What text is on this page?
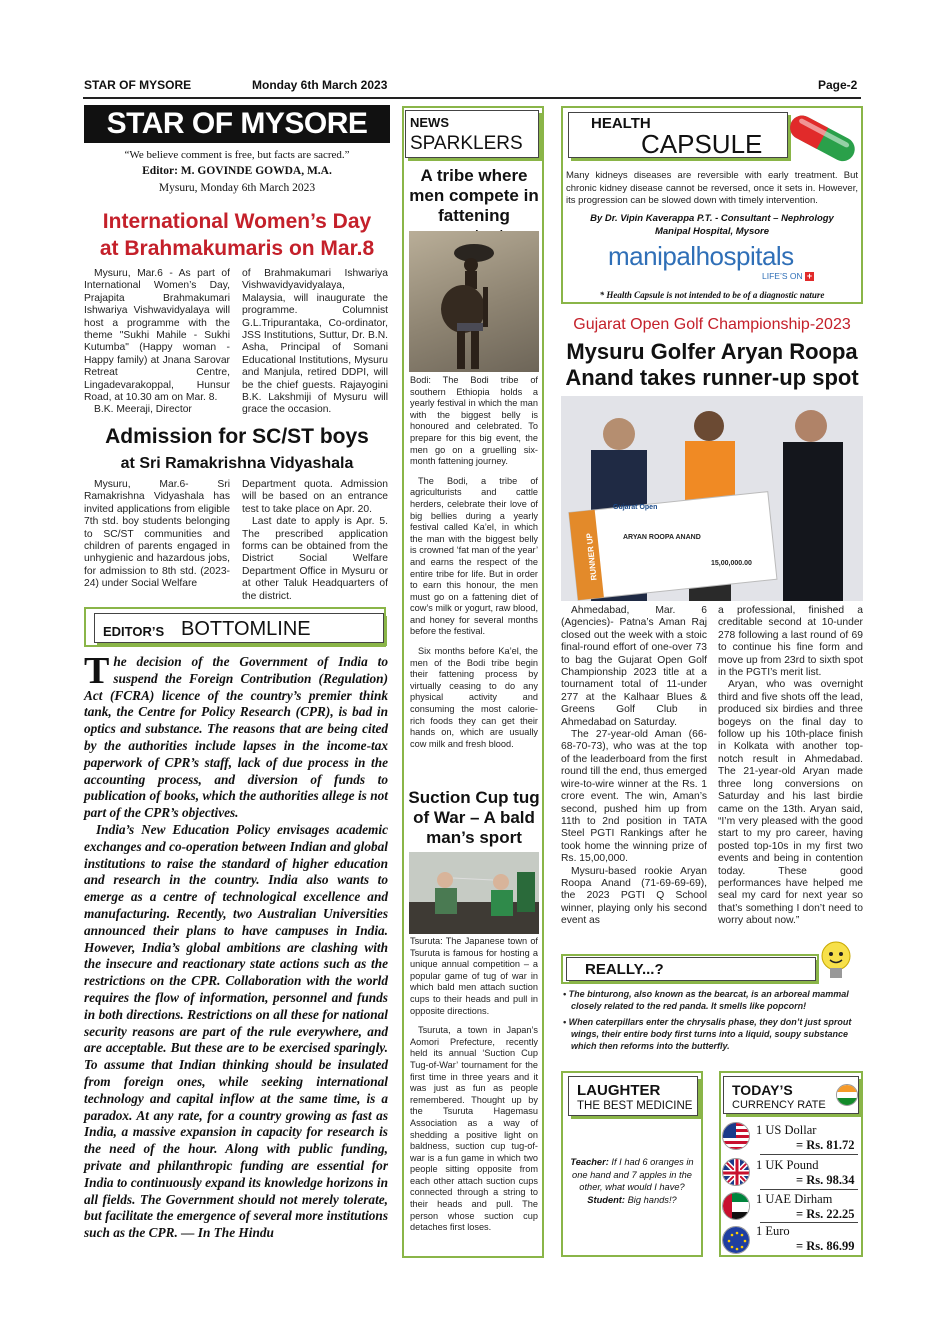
STAR OF MYSORE	Monday 6th March 2023	Page-2
STAR OF MYSORE
“We believe comment is free, but facts are sacred.”
Editor: M. GOVINDE GOWDA, M.A.
Mysuru, Monday 6th March 2023
International Women’s Day
at Brahmakumaris on Mar.8

Mysuru, Mar.6 - As part of International Women’s Day, Prajapita Brahmakumari Ishwariya Vishwavidyalaya will host a programme with the theme "Sukhi Mahile - Sukhi Kutumba" (Happy woman - Happy family) at Jnana Sarovar Retreat Centre, Lingadevarakoppal, Hunsur Road, at 10.30 am on Mar. 8.

B.K. Meeraji, Director

of Brahmakumari Ishwariya Vishwavidyavidyalaya, Malaysia, will inaugurate the programme. Columnist G.L.Tripurantaka, Co-ordinator, JSS Institutions, Suttur, Dr. B.N. Asha, Principal of Somani Educational Institutions, Mysuru and Manjula, retired DDPI, will be the chief guests. Rajayogini B.K. Lakshmiji of Mysuru will grace the occasion.

Admission for SC/ST boys
at Sri Ramakrishna Vidyashala

Mysuru, Mar.6- Sri Ramakrishna Vidyashala has invited applications from eligible 7th std. boy students belonging to SC/ST communities and children of parents engaged in unhygienic and hazardous jobs, for admission to 8th std. (2023-24) under Social Welfare

Department quota. Admission will be based on an entrance test to take place on Apr. 20.

Last date to apply is Apr. 5. The prescribed application forms can be obtained from the District Social Welfare Department Office in Mysuru or at other Taluk Headquarters of the district.

EDITOR’S BOTTOMLINE

The decision of the Government of India to suspend the Foreign Contribution (Regulation) Act (FCRA) licence of the country’s premier think tank, the Centre for Policy Research (CPR), is bad in optics and substance. The reasons that are being cited by the authorities include lapses in the income-tax paperwork of CPR’s staff, lack of due process in the accounting process, and diversion of funds to publication of books, which the authorities allege is not part of the CPR’s objectives.

India’s New Education Policy envisages academic exchanges and co-operation between Indian and global institutions to raise the standard of higher education and research in the country. India also wants to emerge as a centre of technological excellence and manufacturing. Recently, two Australian Universities announced their plans to have campuses in India. However, India’s global ambitions are clashing with the insecure and reactionary state actions such as the restrictions on the CPR. Collaboration with the world requires the flow of information, personnel and funds in both directions. Restrictions on all these for national security reasons are part of the rule everywhere, and are acceptable. But these are to be exercised sparingly. To assume that Indian thinking should be insulated from foreign ones, while seeking international technology and capital inflow at the same time, is a paradox. At any rate, for a country growing as fast as India, a massive expansion in capacity for research is the need of the hour. Along with public funding, private and philanthropic funding are essential for India to continuously expand its knowledge horizons in all fields. The Government should not merely tolerate, but facilitate the emergence of several more institutions such as the CPR. — In The Hindu

NEWS
SPARKLERS
A tribe where men compete in fattening

Bodi: The Bodi tribe of southern Ethiopia holds a yearly festival in which the man with the biggest belly is honoured and celebrated. To prepare for this big event, the men go on a gruelling six-month fattening journey.

The Bodi, a tribe of agriculturists and cattle herders, celebrate their love of big bellies during a yearly festival called Ka’el, in which the man with the biggest belly is crowned ‘fat man of the year’ and earns the respect of the entire tribe for life. But in order to earn this honour, the men must go on a fattening diet of cow’s milk or yogurt, raw blood, and honey for several months before the festival.

Six months before Ka’el, the men of the Bodi tribe begin their fattening process by virtually ceasing to do any physical activity and consuming the most calorie-rich foods they can get their hands on, which are usually cow milk and fresh blood.

Suction Cup tug of War – A bald man’s sport

Tsuruta: The Japanese town of Tsuruta is famous for hosting a unique annual competition – a popular game of tug of war in which bald men attach suction cups to their heads and pull in opposite directions.

Tsuruta, a town in Japan’s Aomori Prefecture, recently held its annual ‘Suction Cup Tug-of-War’ tournament for the first time in three years and it was just as fun as people remembered. Thought up by the Tsuruta Hagemasu Association as a way of shedding a positive light on baldness, suction cup tug-of-war is a fun game in which two people sitting opposite from each other attach suction cups connected through a string to their heads and pull. The person whose suction cup detaches first loses.

HEALTH
CAPSULE
Many kidneys diseases are reversible with early treatment. But chronic kidney disease cannot be reversed, once it sets in. However, its progression can be slowed down with timely intervention.
By Dr. Vipin Kaverappa P.T. - Consultant – Nephrology
Manipal Hospital, Mysore
manipalhospitals
LIFE’S ON +
* Health Capsule is not intended to be of a diagnostic nature
Gujarat Open Golf Championship-2023
Mysuru Golfer Aryan Roopa Anand takes runner-up spot
Gujarat Open
ARYAN ROOPA ANAND
15,00,000.00
RUNNER UP

Ahmedabad, Mar. 6 (Agencies)- Patna’s Aman Raj closed out the week with a stoic final-round effort of one-over 73 to bag the Gujarat Open Golf Championship 2023 title at a tournament total of 11-under 277 at the Kalhaar Blues & Greens Golf Club in Ahmedabad on Saturday.

The 27-year-old Aman (66-68-70-73), who was at the top of the leaderboard from the first round till the end, thus emerged wire-to-wire winner at the Rs. 1 crore event. The win, Aman’s second, pushed him up from 11th to 2nd position in TATA Steel PGTI Rankings after he took home the winning prize of Rs. 15,00,000.

Mysuru-based rookie Aryan Roopa Anand (71-69-69-69), the 2023 PGTI Q School winner, playing only his second event as

a professional, finished a creditable second at 10-under 278 following a last round of 69 to continue his fine form and move up from 23rd to sixth spot in the PGTI’s merit list.

Aryan, who was overnight third and five shots off the lead, produced six birdies and three bogeys on the final day to follow up his 10th-place finish in Kolkata with another top-notch result in Ahmedabad. The 21-year-old Aryan made three long conversions on Saturday and his last birdie came on the 13th. Aryan said, “I’m very pleased with the good start to my pro career, having posted top-10s in my first two events and being in contention today. These good performances have helped me seal my card for next year so that’s something I don’t need to worry about now.”

REALLY...?
• The binturong, also known as the bearcat, is an arboreal mammal closely related to the red panda. It smells like popcorn!
• When caterpillars enter the chrysalis phase, they don’t just sprout wings, their entire body first turns into a liquid, soupy substance which then reforms into the butterfly.
LAUGHTER
THE BEST MEDICINE
Teacher: If I had 6 oranges in one hand and 7 apples in the other, what would I have?
Student: Big hands!?
TODAY’S
CURRENCY RATE
1 US Dollar
= Rs. 81.72
1 UK Pound
= Rs. 98.34
1 UAE Dirham
= Rs. 22.25
1 Euro
= Rs. 86.99
